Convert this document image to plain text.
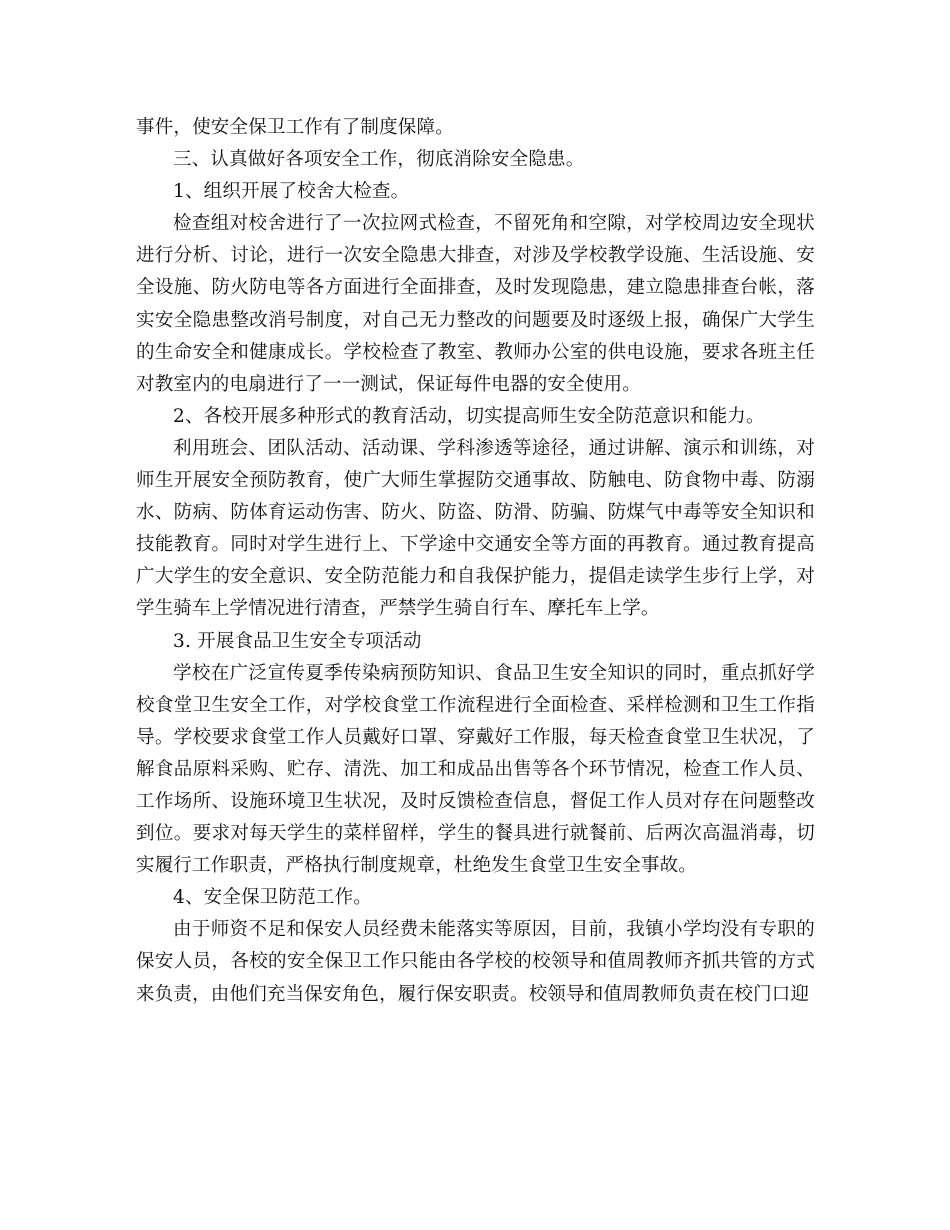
事件，使安全保卫工作有了制度保障。

三、认真做好各项安全工作，彻底消除安全隐患。

1、组织开展了校舍大检查。

检查组对校舍进行了一次拉网式检查，不留死角和空隙，对学校周边安全现状进行分析、讨论，进行一次安全隐患大排查，对涉及学校教学设施、生活设施、安全设施、防火防电等各方面进行全面排查，及时发现隐患，建立隐患排查台帐，落实安全隐患整改消号制度，对自己无力整改的问题要及时逐级上报，确保广大学生的生命安全和健康成长。学校检查了教室、教师办公室的供电设施，要求各班主任对教室内的电扇进行了一一测试，保证每件电器的安全使用。

2、各校开展多种形式的教育活动，切实提高师生安全防范意识和能力。

利用班会、团队活动、活动课、学科渗透等途径，通过讲解、演示和训练，对师生开展安全预防教育，使广大师生掌握防交通事故、防触电、防食物中毒、防溺水、防病、防体育运动伤害、防火、防盗、防滑、防骗、防煤气中毒等安全知识和技能教育。同时对学生进行上、下学途中交通安全等方面的再教育。通过教育提高广大学生的安全意识、安全防范能力和自我保护能力，提倡走读学生步行上学，对学生骑车上学情况进行清查，严禁学生骑自行车、摩托车上学。

3. 开展食品卫生安全专项活动

学校在广泛宣传夏季传染病预防知识、食品卫生安全知识的同时，重点抓好学校食堂卫生安全工作，对学校食堂工作流程进行全面检查、采样检测和卫生工作指导。学校要求食堂工作人员戴好口罩、穿戴好工作服，每天检查食堂卫生状况，了解食品原料采购、贮存、清洗、加工和成品出售等各个环节情况，检查工作人员、工作场所、设施环境卫生状况，及时反馈检查信息，督促工作人员对存在问题整改到位。要求对每天学生的菜样留样，学生的餐具进行就餐前、后两次高温消毒，切实履行工作职责，严格执行制度规章，杜绝发生食堂卫生安全事故。

4、安全保卫防范工作。

由于师资不足和保安人员经费未能落实等原因，目前，我镇小学均没有专职的保安人员，各校的安全保卫工作只能由各学校的校领导和值周教师齐抓共管的方式来负责，由他们充当保安角色，履行保安职责。校领导和值周教师负责在校门口迎
